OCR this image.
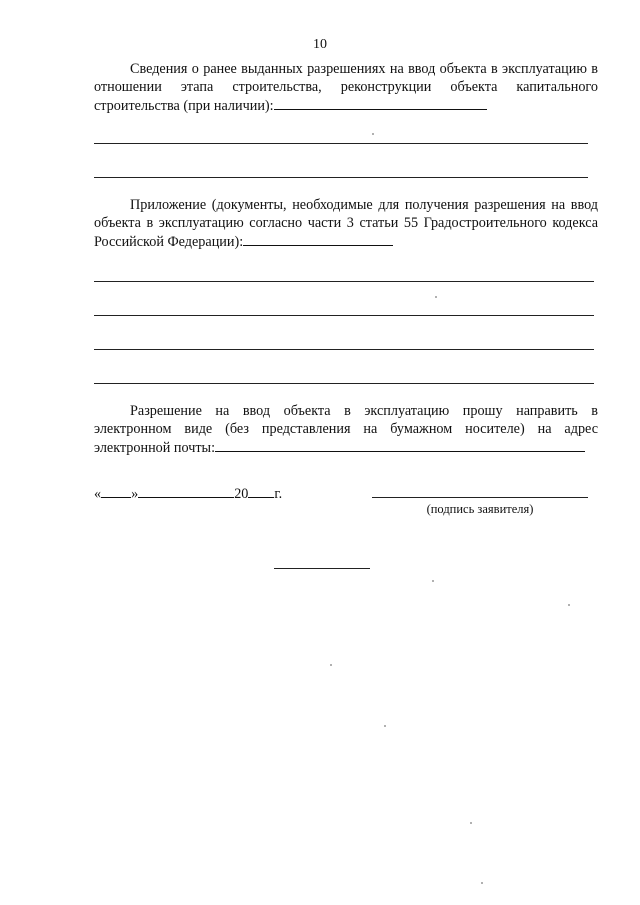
10
Сведения о ранее выданных разрешениях на ввод объекта в эксплуатацию в отношении этапа строительства, реконструкции объекта капитального строительства (при наличии):
Приложение (документы, необходимые для получения разрешения на ввод объекта в эксплуатацию согласно части 3 статьи 55 Градостроительного кодекса Российской Федерации):
Разрешение на ввод объекта в эксплуатацию прошу направить в электронном виде (без представления на бумажном носителе) на адрес электронной почты:
« »	20 г.
(подпись заявителя)
